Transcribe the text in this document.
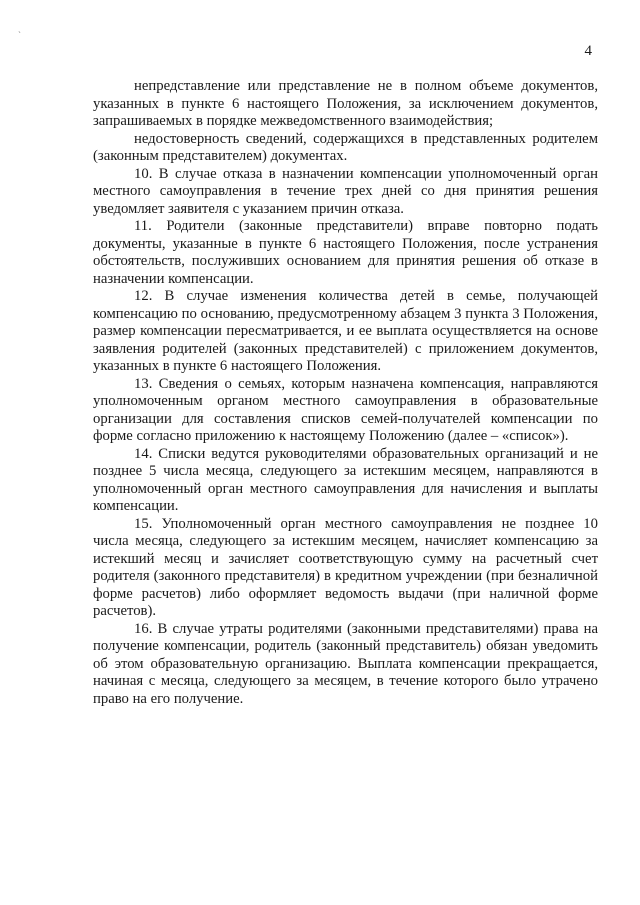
`
4

непредставление или представление не в полном объеме документов, указанных в пункте 6 настоящего Положения, за исключением документов, запрашиваемых в порядке межведомственного взаимодействия;

недостоверность сведений, содержащихся в представленных родителем (законным представителем) документах.

10. В случае отказа в назначении компенсации уполномоченный орган местного самоуправления в течение трех дней со дня принятия решения уведомляет заявителя с указанием причин отказа.

11. Родители (законные представители) вправе повторно подать документы, указанные в пункте 6 настоящего Положения, после устранения обстоятельств, послуживших основанием для принятия решения об отказе в назначении компенсации.

12. В случае изменения количества детей в семье, получающей компенсацию по основанию, предусмотренному абзацем 3 пункта 3 Положения, размер компенсации пересматривается, и ее выплата осуществляется на основе заявления родителей (законных представителей) с приложением документов, указанных в пункте 6 настоящего Положения.

13. Сведения о семьях, которым назначена компенсация, направляются уполномоченным органом местного самоуправления в образовательные организации для составления списков семей-получателей компенсации по форме согласно приложению к настоящему Положению (далее – «список»).

14. Списки ведутся руководителями образовательных организаций и не позднее 5 числа месяца, следующего за истекшим месяцем, направляются в уполномоченный орган местного самоуправления для начисления и выплаты компенсации.

15. Уполномоченный орган местного самоуправления не позднее 10 числа месяца, следующего за истекшим месяцем, начисляет компенсацию за истекший месяц и зачисляет соответствующую сумму на расчетный счет родителя (законного представителя) в кредитном учреждении (при безналичной форме расчетов) либо оформляет ведомость выдачи (при наличной форме расчетов).

16. В случае утраты родителями (законными представителями) права на получение компенсации, родитель (законный представитель) обязан уведомить об этом образовательную организацию. Выплата компенсации прекращается, начиная с месяца, следующего за месяцем, в течение которого было утрачено право на его получение.
